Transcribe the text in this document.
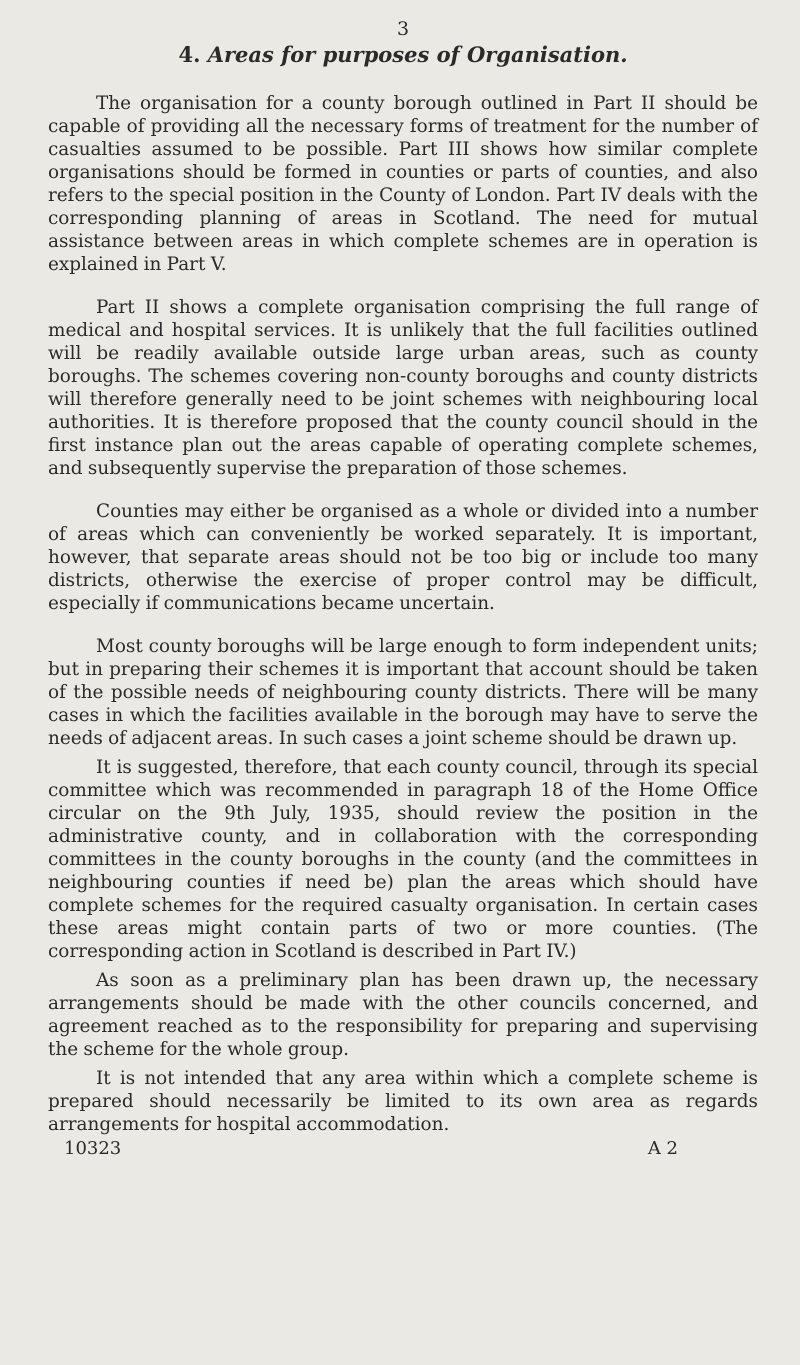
3

4. Areas for purposes of Organisation.

The organisation for a county borough outlined in Part II should be capable of providing all the necessary forms of treatment for the number of casualties assumed to be possible. Part III shows how similar complete organisations should be formed in counties or parts of counties, and also refers to the special position in the County of London. Part IV deals with the corresponding planning of areas in Scotland. The need for mutual assistance between areas in which complete schemes are in operation is explained in Part V.

Part II shows a complete organisation comprising the full range of medical and hospital services. It is unlikely that the full facilities outlined will be readily available outside large urban areas, such as county boroughs. The schemes covering non-county boroughs and county districts will therefore generally need to be joint schemes with neighbouring local authorities. It is therefore proposed that the county council should in the first instance plan out the areas capable of operating complete schemes, and subsequently supervise the preparation of those schemes.

Counties may either be organised as a whole or divided into a number of areas which can conveniently be worked separately. It is important, however, that separate areas should not be too big or include too many districts, otherwise the exercise of proper control may be difficult, especially if communications became uncertain.

Most county boroughs will be large enough to form independent units; but in preparing their schemes it is important that account should be taken of the possible needs of neighbouring county districts. There will be many cases in which the facilities available in the borough may have to serve the needs of adjacent areas. In such cases a joint scheme should be drawn up.

It is suggested, therefore, that each county council, through its special committee which was recommended in paragraph 18 of the Home Office circular on the 9th July, 1935, should review the position in the administrative county, and in collaboration with the corresponding committees in the county boroughs in the county (and the committees in neighbouring counties if need be) plan the areas which should have complete schemes for the required casualty organisation. In certain cases these areas might contain parts of two or more counties. (The corresponding action in Scotland is described in Part IV.)

As soon as a preliminary plan has been drawn up, the necessary arrangements should be made with the other councils concerned, and agreement reached as to the responsibility for preparing and supervising the scheme for the whole group.

It is not intended that any area within which a complete scheme is prepared should necessarily be limited to its own area as regards arrangements for hospital accommodation.

10323	A 2
